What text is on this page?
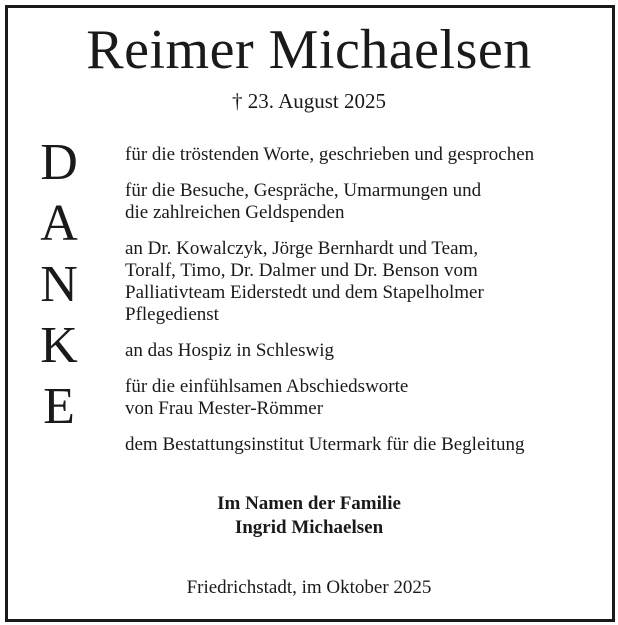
Reimer Michaelsen
† 23. August 2025
D
A
N
K
E
für die tröstenden Worte, geschrieben und gesprochen
für die Besuche, Gespräche, Umarmungen und
die zahlreichen Geldspenden
an Dr. Kowalczyk, Jörge Bernhardt und Team,
Toralf, Timo, Dr. Dalmer und Dr. Benson vom
Palliativteam Eiderstedt und dem Stapelholmer
Pflegedienst
an das Hospiz in Schleswig
für die einfühlsamen Abschiedsworte
von Frau Mester-Römmer
dem Bestattungsinstitut Utermark für die Begleitung
Im Namen der Familie
Ingrid Michaelsen
Friedrichstadt, im Oktober 2025
